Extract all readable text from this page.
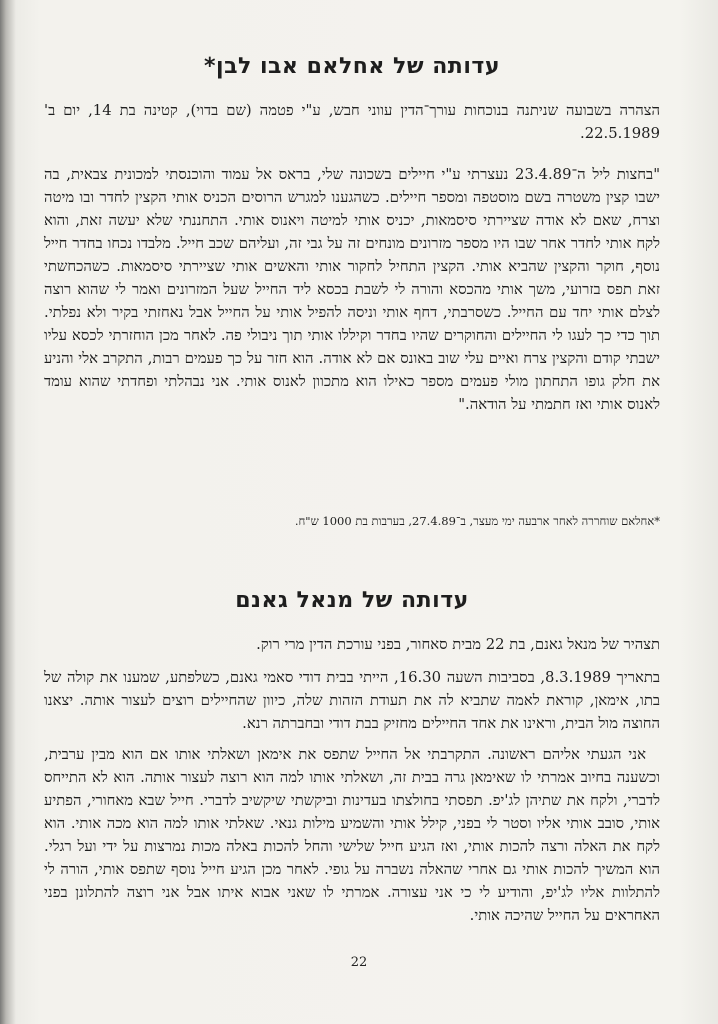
עדותה של אחלאם אבו לבן*

הצהרה בשבועה שניתנה בנוכחות עורך־הדין עווני חבש, ע"י פטמה (שם בדוי), קטינה בת 14, יום ב' 22.5.1989.

"בחצות ליל ה־23.4.89 נעצרתי ע"י חיילים בשכונה שלי, בראס אל עמוד והוכנסתי למכונית צבאית, בה ישבו קצין משטרה בשם מוסטפה ומספר חיילים. כשהגענו למגרש הרוסים הכניס אותי הקצין לחדר ובו מיטה וצרח, שאם לא אודה שציירתי סיסמאות, יכניס אותי למיטה ויאנוס אותי. התחננתי שלא יעשה זאת, והוא לקח אותי לחדר אחר שבו היו מספר מזרונים מונחים זה על גבי זה, ועליהם שכב חייל. מלבדו נכחו בחדר חייל נוסף, חוקר והקצין שהביא אותי. הקצין התחיל לחקור אותי והאשים אותי שציירתי סיסמאות. כשהכחשתי זאת תפס בזרועי, משך אותי מהכסא והורה לי לשבת בכסא ליד החייל שעל המזרונים ואמר לי שהוא רוצה לצלם אותי יחד עם החייל. כשסרבתי, דחף אותי וניסה להפיל אותי על החייל אבל נאחזתי בקיר ולא נפלתי. תוך כדי כך לעגו לי החיילים והחוקרים שהיו בחדר וקיללו אותי תוך ניבולי פה. לאחר מכן הוחזרתי לכסא עליו ישבתי קודם והקצין צרח ואיים עלי שוב באונס אם לא אודה. הוא חזר על כך פעמים רבות, התקרב אלי והניע את חלק גופו התחתון מולי פעמים מספר כאילו הוא מתכוון לאנוס אותי. אני נבהלתי ופחדתי שהוא עומד לאנוס אותי ואז חתמתי על הודאה."

*אחלאם שוחררה לאחר ארבעה ימי מעצר, ב־27.4.89, בערבות בת 1000 ש"ח.

עדותה של מנאל גאנם

תצהיר של מנאל גאנם, בת 22 מבית סאחור, בפני עורכת הדין מרי רוק.

בתאריך 8.3.1989, בסביבות השעה 16.30, הייתי בבית דודי סאמי גאנם, כשלפתע, שמענו את קולה של בתו, אימאן, קוראת לאמה שתביא לה את תעודת הזהות שלה, כיוון שהחיילים רוצים לעצור אותה. יצאנו החוצה מול הבית, וראינו את אחד החיילים מחזיק בבת דודי ובחברתה רנא.

אני הגעתי אליהם ראשונה. התקרבתי אל החייל שתפס את אימאן ושאלתי אותו אם הוא מבין ערבית, וכשענה בחיוב אמרתי לו שאימאן גרה בבית זה, ושאלתי אותו למה הוא רוצה לעצור אותה. הוא לא התייחס לדברי, ולקח את שתיהן לג'יפ. תפסתי בחולצתו בעדינות וביקשתי שיקשיב לדברי. חייל שבא מאחורי, הפתיע אותי, סובב אותי אליו וסטר לי בפני, קילל אותי והשמיע מילות גנאי. שאלתי אותו למה הוא מכה אותי. הוא לקח את האלה ורצה להכות אותי, ואז הגיע חייל שלישי והחל להכות באלה מכות נמרצות על ידי ועל רגלי. הוא המשיך להכות אותי גם אחרי שהאלה נשברה על גופי. לאחר מכן הגיע חייל נוסף שתפס אותי, הורה לי להתלוות אליו לג'יפ, והודיע לי כי אני עצורה. אמרתי לו שאני אבוא איתו אבל אני רוצה להתלונן בפני האחראים על החייל שהיכה אותי.

22
